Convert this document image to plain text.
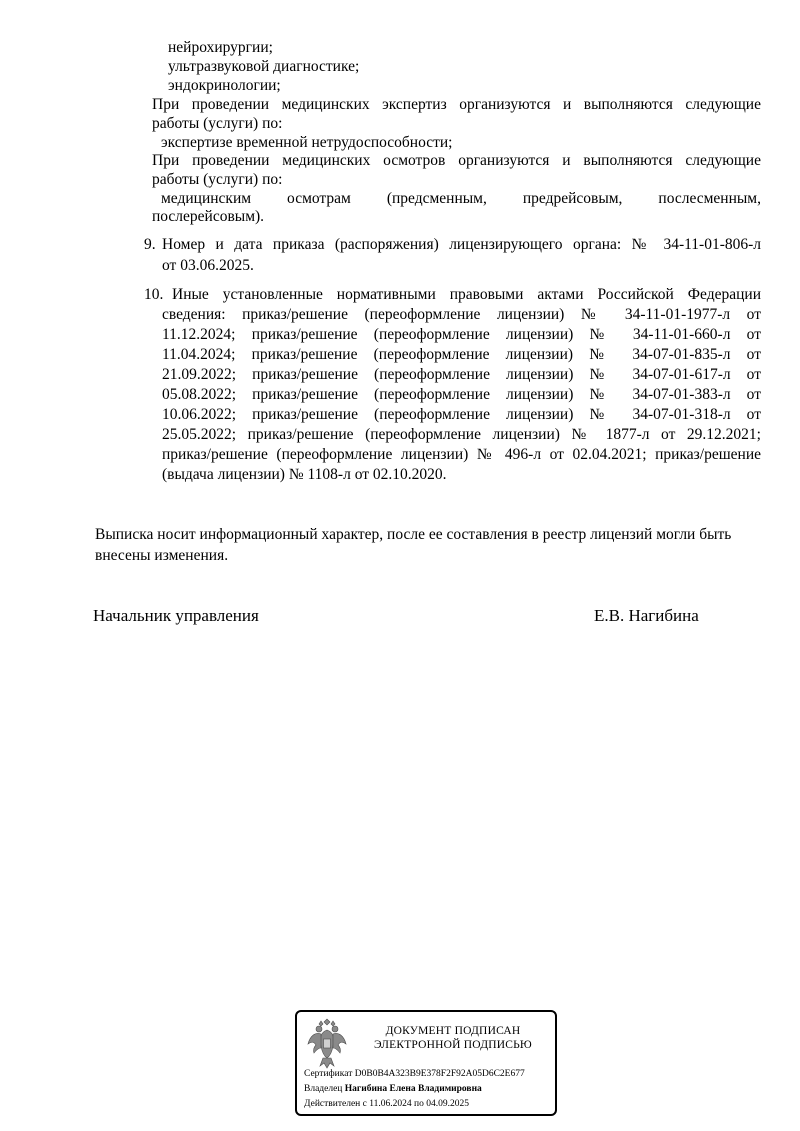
нейрохирургии;
ультразвуковой диагностике;
эндокринологии;
При проведении медицинских экспертиз организуются и выполняются следующие
работы (услуги) по:
экспертизе временной нетрудоспособности;
При проведении медицинских осмотров организуются и выполняются следующие
работы (услуги) по:
медицинским осмотрам (предсменным, предрейсовым, послесменным,
послерейсовым).
9. Номер и дата приказа (распоряжения) лицензирующего органа: № 34-11-01-806-л
от 03.06.2025.
10. Иные установленные нормативными правовыми актами Российской Федерации
сведения: приказ/решение (переоформление лицензии) № 34-11-01-1977-л от
11.12.2024; приказ/решение (переоформление лицензии) № 34-11-01-660-л от
11.04.2024; приказ/решение (переоформление лицензии) № 34-07-01-835-л от
21.09.2022; приказ/решение (переоформление лицензии) № 34-07-01-617-л от
05.08.2022; приказ/решение (переоформление лицензии) № 34-07-01-383-л от
10.06.2022; приказ/решение (переоформление лицензии) № 34-07-01-318-л от
25.05.2022; приказ/решение (переоформление лицензии) № 1877-л от 29.12.2021;
приказ/решение (переоформление лицензии) № 496-л от 02.04.2021; приказ/решение
(выдача лицензии) № 1108-л от 02.10.2020.
Выписка носит информационный характер, после ее составления в реестр лицензий могли быть
внесены изменения.
Начальник управления	Е.В. Нагибина
ДОКУМЕНТ ПОДПИСАН
ЭЛЕКТРОННОЙ ПОДПИСЬЮ
Сертификат D0B0B4A323B9E378F2F92A05D6C2E677
Владелец Нагибина Елена Владимировна
Действителен с 11.06.2024 по 04.09.2025
